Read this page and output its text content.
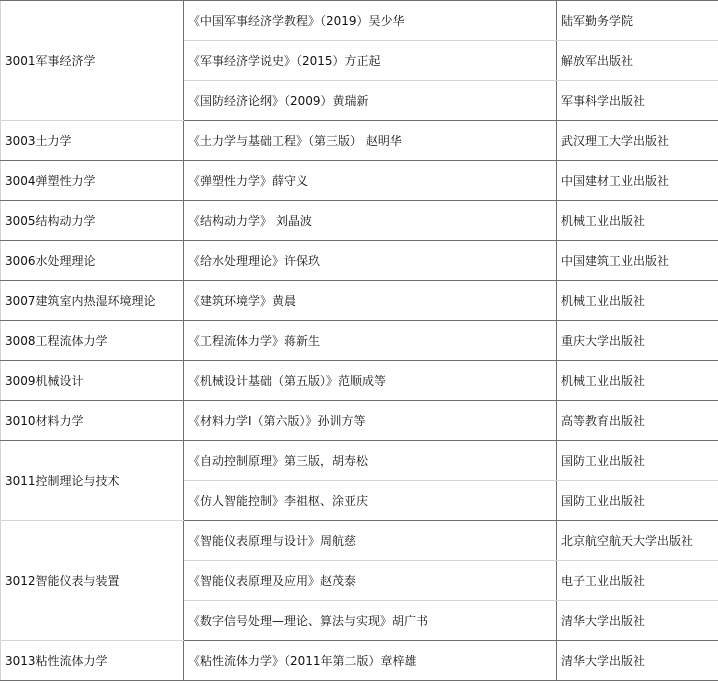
3001军事经济学	《中国军事经济学教程》（2019）吴少华	陆军勤务学院
	《军事经济学说史》（2015）方正起	解放军出版社
	《国防经济论纲》（2009）黄瑞新	军事科学出版社
3003土力学	《土力学与基础工程》（第三版） 赵明华	武汉理工大学出版社
3004弹塑性力学	《弹塑性力学》薛守义	中国建材工业出版社
3005结构动力学	《结构动力学》 刘晶波	机械工业出版社
3006水处理理论	《给水处理理论》许保玖	中国建筑工业出版社
3007建筑室内热湿环境理论	《建筑环境学》黄晨	机械工业出版社
3008工程流体力学	《工程流体力学》蒋新生	重庆大学出版社
3009机械设计	《机械设计基础（第五版）》范顺成等	机械工业出版社
3010材料力学	《材料力学Ⅰ（第六版）》孙训方等	高等教育出版社
3011控制理论与技术	《自动控制原理》第三版，胡寿松	国防工业出版社
	《仿人智能控制》李祖枢、涂亚庆	国防工业出版社
3012智能仪表与装置	《智能仪表原理与设计》周航慈	北京航空航天大学出版社
	《智能仪表原理及应用》赵茂泰	电子工业出版社
	《数字信号处理—理论、算法与实现》胡广书	清华大学出版社
3013粘性流体力学	《粘性流体力学》（2011年第二版）章梓雄	清华大学出版社
